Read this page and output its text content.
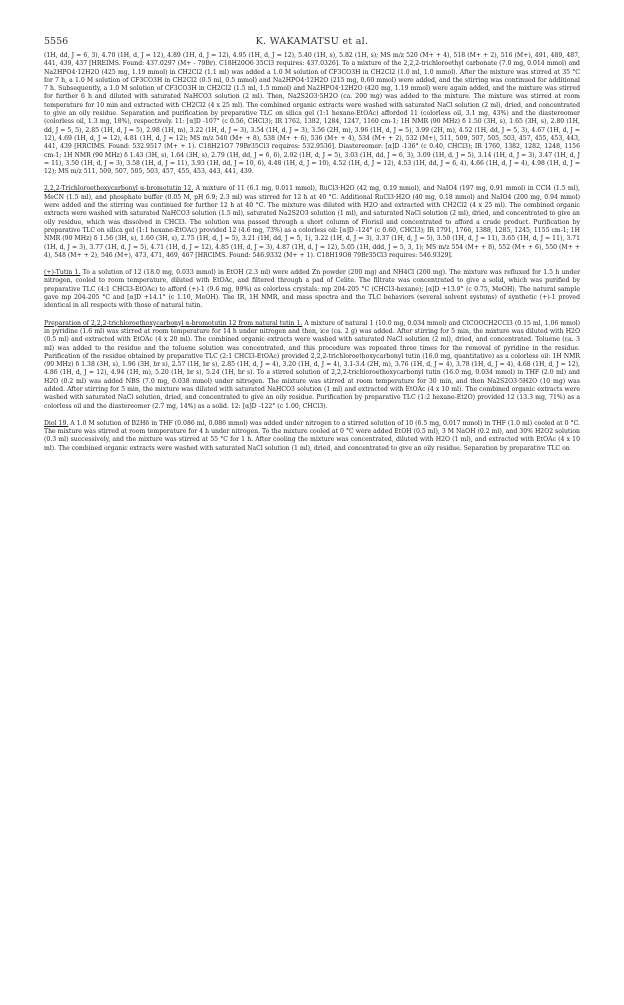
5556	K. WAKAMATSU et al.

(1H, dd, J = 6, 3), 4.70 (1H, d, J = 12), 4.89 (1H, d, J = 12), 4.95 (1H, d, J = 12), 5.40 (1H, s), 5.82 (1H, s); MS m/z 520 (M+ + 4), 518 (M+ + 2), 516 (M+), 491, 489, 487, 441, 439, 437 [HREIMS. Found: 437.0297 (M+ - 79Br). C18H20O6 35Cl3 requires: 437.0326]. To a mixture of the 2,2,2-trichloroethyl carbonate (7.0 mg, 0.014 mmol) and Na2HPO4·12H2O (425 mg, 1.19 mmol) in CH2Cl2 (1.1 ml) was added a 1.0 M solution of CF3CO3H in CH2Cl2 (1.0 ml, 1.0 mmol). After the mixture was stirred at 35 °C for 7 h, a 1.0 M solution of CF3CO3H in CH2Cl2 (0.5 ml, 0.5 mmol) and Na2HPO4·12H2O (215 mg, 0.60 mmol) were added, and the stirring was continued for additional 7 h. Subsequently, a 1.0 M solution of CF3CO3H in CH2Cl2 (1.5 ml, 1.5 mmol) and Na2HPO4·12H2O (420 mg, 1.19 mmol) were again added, and the mixture was stirred for further 6 h and diluted with saturated NaHCO3 solution (2 ml). Then, Na2S2O3·5H2O (ca. 200 mg) was added to the mixture. The mixture was stirred at room temperature for 10 min and extracted with CH2Cl2 (4 x 25 ml). The combined organic extracts were washed with saturated NaCl solution (2 ml), dried, and concentrated to give an oily residue. Separation and purification by preparative TLC on silica gel (1:1 hexane-EtOAc) afforded 11 (colorless oil, 3.1 mg, 43%) and the diastereomer (colorless oil, 1.3 mg, 18%), respectively. 11: [α]D -107° (c 0.56, CHCl3); IR 1762, 1382, 1284, 1247, 1160 cm-1; 1H NMR (90 MHz) δ 1.50 (3H, s), 1.65 (3H, s), 2.80 (1H, dd, J = 5, 5), 2.85 (1H, d, J = 5), 2.98 (1H, m), 3.22 (1H, d, J = 3), 3.54 (1H, d, J = 3), 3.56 (2H, m), 3.96 (1H, d, J = 5), 3.99 (2H, m), 4.52 (1H, dd, J = 5, 3), 4.67 (1H, d, J = 12), 4.69 (1H, d, J = 12), 4.81 (1H, d, J = 12); MS m/z 540 (M+ + 8), 538 (M+ + 6), 536 (M+ + 4), 534 (M+ + 2), 532 (M+), 511, 509, 507, 505, 503, 457, 455, 453, 443, 441, 439 [HRCIMS. Found: 532.9517 (M+ + 1). C18H21O7 79Br35Cl3 requires: 532.9536]. Diastereomer: [α]D -136° (c 0.40, CHCl3); IR 1760, 1382, 1282, 1248, 1156 cm-1; 1H NMR (90 MHz) δ 1.43 (3H, s), 1.64 (3H, s), 2.79 (1H, dd, J = 6, 6), 2.92 (1H, d, J = 5), 3.03 (1H, dd, J = 6, 3), 3.09 (1H, d, J = 5), 3.14 (1H, d, J = 3), 3.47 (1H, d, J = 11), 3.50 (1H, d, J = 3), 3.58 (1H, d, J = 11), 3.93 (1H, dd, J = 10, 6), 4.48 (1H, d, J = 10), 4.52 (1H, d, J = 12), 4.53 (1H, dd, J = 6, 4), 4.66 (1H, d, J = 4), 4.98 (1H, d, J = 12); MS m/z 511, 509, 507, 505, 503, 457, 455, 453, 443, 441, 439.

2,2,2-Trichloroethoxycarbonyl α-bromotutin 12. A mixture of 11 (6.1 mg, 0.011 mmol), RuCl3·H2O (42 mg, 0.19 mmol), and NaIO4 (197 mg, 0.91 mmol) in CCl4 (1.5 ml), MeCN (1.5 ml), and phosphate buffer (0.05 M, pH 6.9; 2.3 ml) was stirred for 12 h at 40 °C. Additional RuCl3·H2O (40 mg, 0.18 mmol) and NaIO4 (200 mg, 0.94 mmol) were added and the stirring was continued for further 12 h at 40 °C. The mixture was diluted with H2O and extracted with CH2Cl2 (4 x 25 ml). The combined organic extracts were washed with saturated NaHCO3 solution (1.5 ml), saturated Na2S2O3 solution (1 ml), and saturated NaCl solution (2 ml), dried, and concentrated to give an oily residue, which was dissolved in CHCl3. The solution was passed through a short column of Florisil and concentrated to afford a crude product. Purification by preparative TLC on silica gel (1:1 hexane-EtOAc) provided 12 (4.6 mg, 73%) as a colorless oil: [α]D -124° (c 0.60, CHCl3); IR 1791, 1766, 1388, 1285, 1245, 1155 cm-1; 1H NMR (90 MHz) δ 1.56 (3H, s), 1.60 (3H, s), 2.75 (1H, d, J = 5), 3.21 (1H, dd, J = 5, 1), 3.22 (1H, d, J = 3), 3.37 (1H, d, J = 5), 3.50 (1H, d, J = 11), 3.65 (1H, d, J = 11), 3.71 (1H, d, J = 3), 3.77 (1H, d, J = 5), 4.71 (1H, d, J = 12), 4.85 (1H, d, J = 3), 4.87 (1H, d, J = 12), 5.05 (1H, ddd, J = 5, 3, 1); MS m/z 554 (M+ + 8), 552 (M+ + 6), 550 (M+ + 4), 548 (M+ + 2), 546 (M+), 473, 471, 469, 467 [HRCIMS. Found: 546.9332 (M+ + 1). C18H19O8 79Br35Cl3 requires: 546.9329].

(+)-Tutin 1. To a solution of 12 (18.0 mg, 0.033 mmol) in EtOH (2.3 ml) were added Zn powder (200 mg) and NH4Cl (200 mg). The mixture was refluxed for 1.5 h under nitrogen, cooled to room temperature, diluted with EtOAc, and filtered through a pad of Celite. The filtrate was concentrated to give a solid, which was purified by preparative TLC (4:1 CHCl3-EtOAc) to afford (+)-1 (9.6 mg, 99%) as colorless crystals: mp 204-205 °C (CHCl3-hexane); [α]D +13.9° (c 0.75, MeOH). The natural sample gave mp 204-205 °C and [α]D +14.1° (c 1.10, MeOH). The IR, 1H NMR, and mass spectra and the TLC behaviors (several solvent systems) of synthetic (+)-1 proved identical in all respects with those of natural tutin.

Preparation of 2,2,2-trichloroethoxycarbonyl α-bromotutin 12 from natural tutin 1. A mixture of natural 1 (10.0 mg, 0.034 mmol) and ClCOOCH2CCl3 (0.15 ml, 1.06 mmol) in pyridine (1.6 ml) was stirred at room temperature for 14 h under nitrogen and then, ice (ca. 2 g) was added. After stirring for 5 min, the mixture was diluted with H2O (0.5 ml) and extracted with EtOAc (4 x 20 ml). The combined organic extracts were washed with saturated NaCl solution (2 ml), dried, and concentrated. Toluene (ca. 3 ml) was added to the residue and the toluene solution was concentrated, and this procedure was repeated three times for the removal of pyridine in the residue. Purification of the residue obtained by preparative TLC (2:1 CHCl3-EtOAc) provided 2,2,2-trichloroethoxycarbonyl tutin (16.0 mg, quantitative) as a colorless oil: 1H NMR (90 MHz) δ 1.38 (3H, s), 1.96 (3H, br s), 2.57 (1H, br s), 2.85 (1H, d, J = 4), 3.20 (1H, d, J = 4), 3.1-3.4 (2H, m), 3.76 (1H, d, J = 4), 3.78 (1H, d, J = 4), 4.68 (1H, d, J = 12), 4.86 (1H, d, J = 12), 4.94 (1H, m), 5.20 (1H, br s), 5.24 (1H, br s). To a stirred solution of 2,2,2-trichloroethoxycarbonyl tutin (16.0 mg, 0.034 mmol) in THF (2.0 ml) and H2O (0.2 ml) was added NBS (7.0 mg, 0.038 mmol) under nitrogen. The mixture was stirred at room temperature for 30 min, and then Na2S2O3·5H2O (10 mg) was added. After stirring for 5 min, the mixture was diluted with saturated NaHCO3 solution (1 ml) and extracted with EtOAc (4 x 10 ml). The combined organic extracts were washed with saturated NaCl solution, dried, and concentrated to give an oily residue. Purification by preparative TLC (1:2 hexane-Et2O) provided 12 (13.3 mg, 71%) as a colorless oil and the diastereomer (2.7 mg, 14%) as a solid. 12: [α]D -122° (c 1.00, CHCl3).

Diol 19. A 1.0 M solution of B2H6 in THF (0.086 ml, 0.086 mmol) was added under nitrogen to a stirred solution of 10 (6.5 mg, 0.017 mmol) in THF (1.0 ml) cooled at 0 °C. The mixture was stirred at room temperature for 4 h under nitrogen. To the mixture cooled at 0 °C were added EtOH (0.5 ml), 3 M NaOH (0.2 ml), and 30% H2O2 solution (0.3 ml) successively, and the mixture was stirred at 55 °C for 1 h. After cooling the mixture was concentrated, diluted with H2O (1 ml), and extracted with EtOAc (4 x 10 ml). The combined organic extracts were washed with saturated NaCl solution (1 ml), dried, and concentrated to give an oily residue. Separation by preparative TLC on
